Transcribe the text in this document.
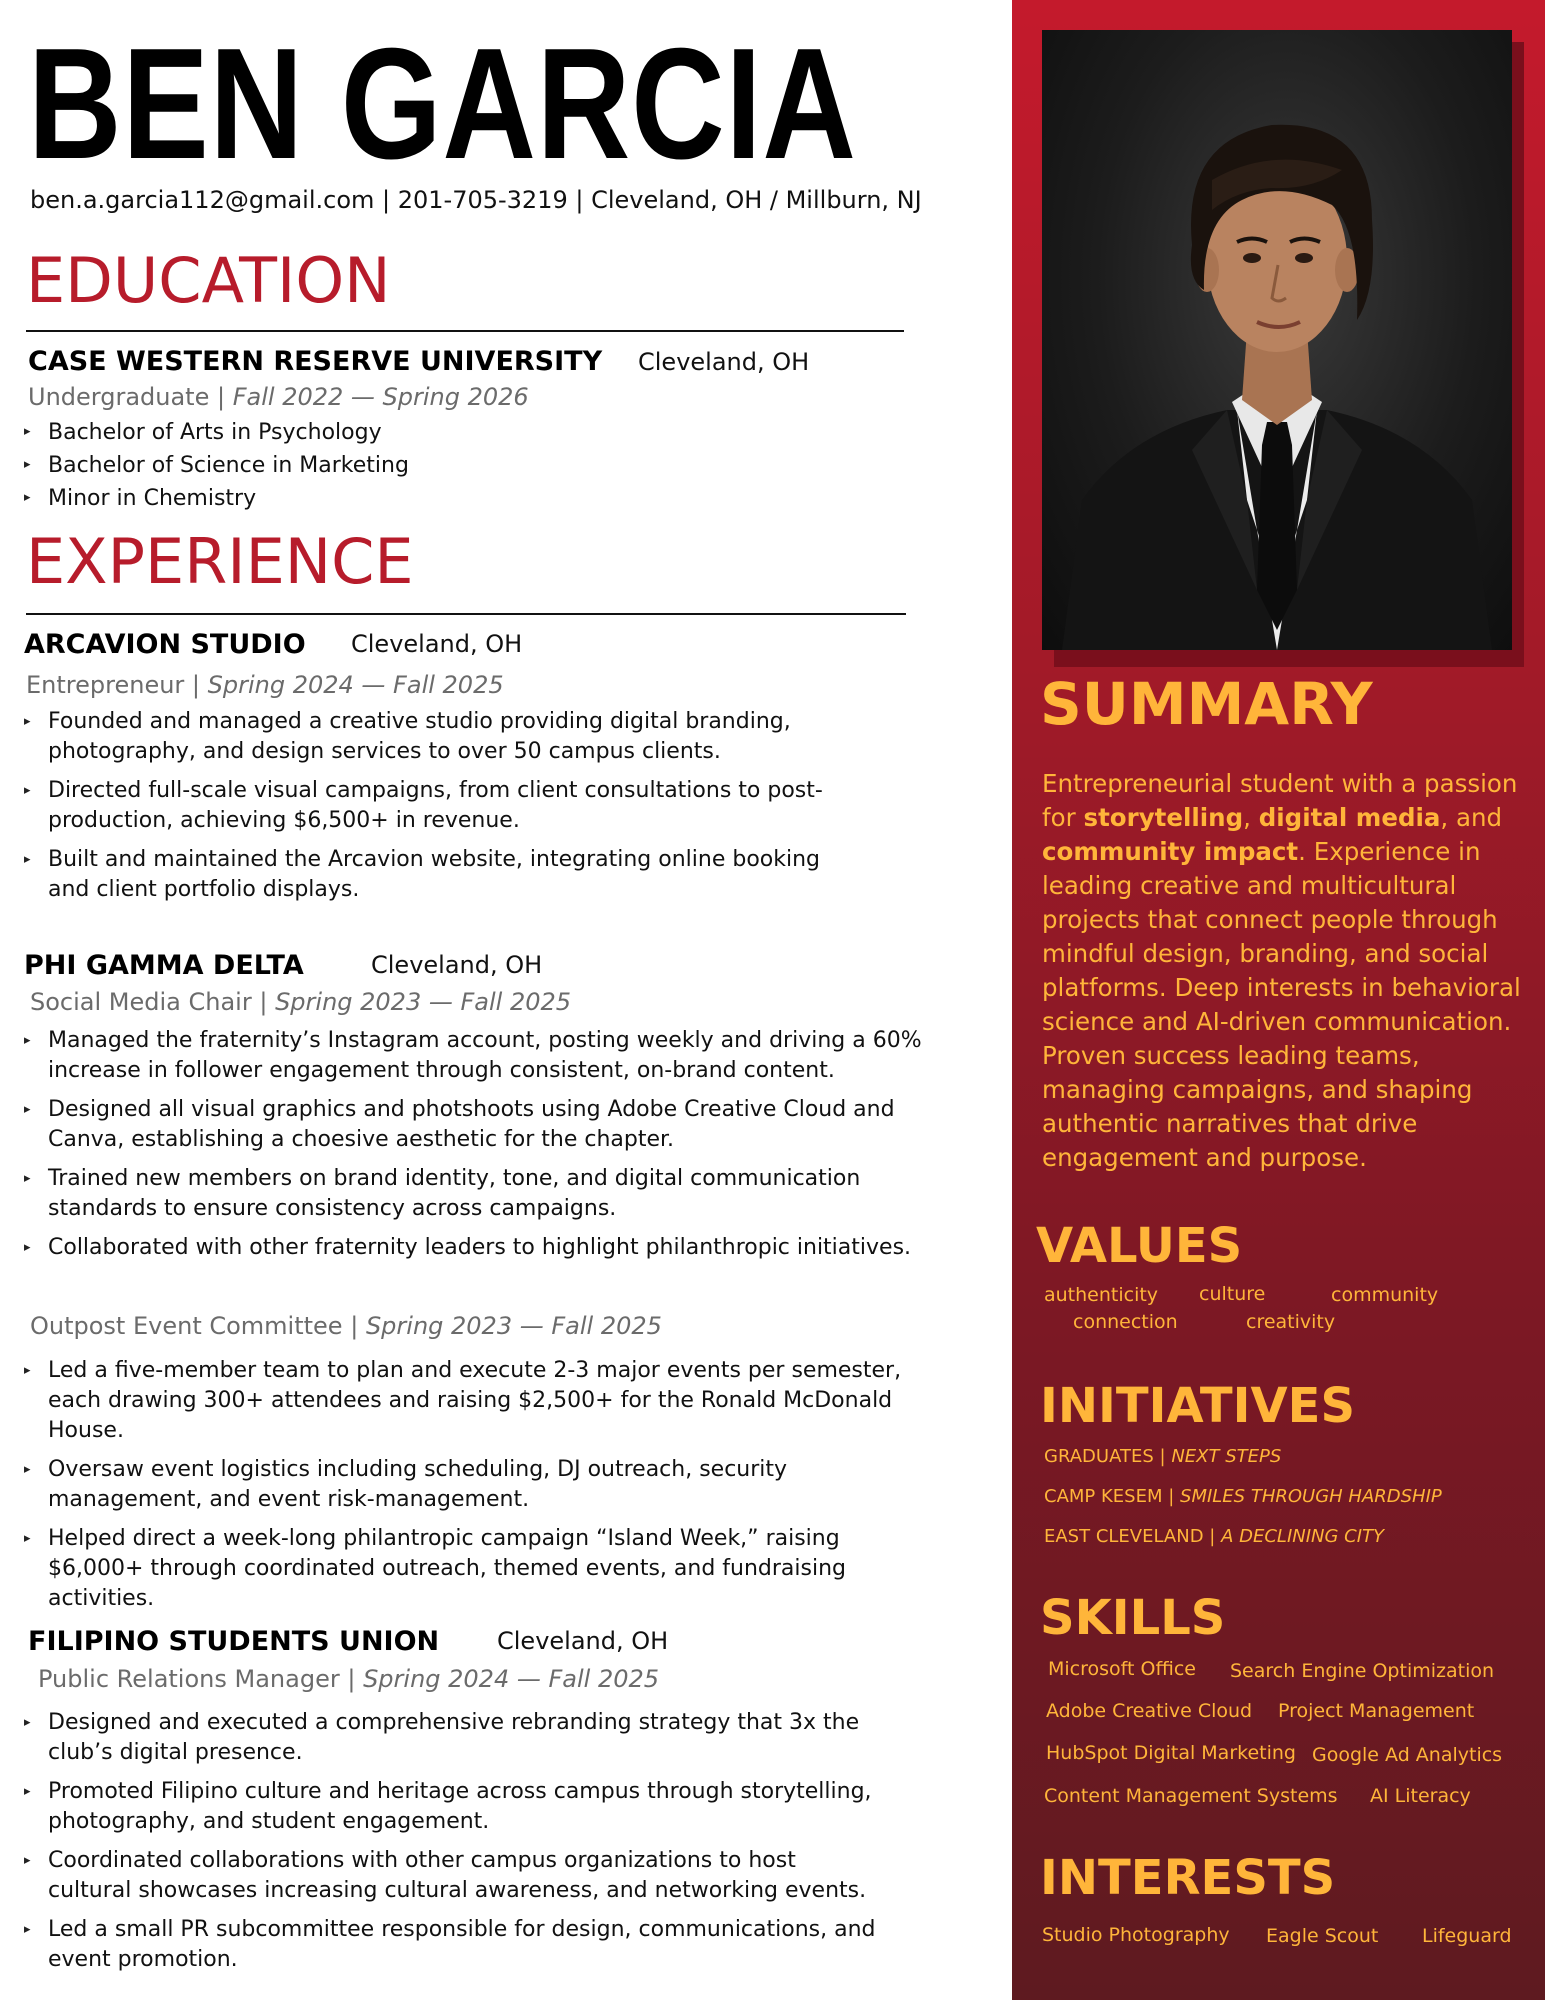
BEN GARCIA
ben.a.garcia112@gmail.com | 201-705-3219 | Cleveland, OH / Millburn, NJ
EDUCATION
CASE WESTERN RESERVE UNIVERSITY Cleveland, OH
Undergraduate | Fall 2022 — Spring 2026
▸ Bachelor of Arts in Psychology
▸ Bachelor of Science in Marketing
▸ Minor in Chemistry
EXPERIENCE
ARCAVION STUDIO Cleveland, OH
Entrepreneur | Spring 2024 — Fall 2025
▸ Founded and managed a creative studio providing digital branding, photography, and design services to over 50 campus clients.
▸ Directed full-scale visual campaigns, from client consultations to post-production, achieving $6,500+ in revenue.
▸ Built and maintained the Arcavion website, integrating online booking and client portfolio displays.
PHI GAMMA DELTA	Cleveland, OH
Social Media Chair | Spring 2023 — Fall 2025
▸ Managed the fraternity’s Instagram account, posting weekly and driving a 60% increase in follower engagement through consistent, on-brand content.
▸ Designed all visual graphics and photshoots using Adobe Creative Cloud and Canva, establishing a choesive aesthetic for the chapter.
▸ Trained new members on brand identity, tone, and digital communication standards to ensure consistency across campaigns.
▸ Collaborated with other fraternity leaders to highlight philanthropic initiatives.
Outpost Event Committee | Spring 2023 — Fall 2025
▸ Led a five-member team to plan and execute 2-3 major events per semester, each drawing 300+ attendees and raising $2,500+ for the Ronald McDonald House.
▸ Oversaw event logistics including scheduling, DJ outreach, security management, and event risk-management.
▸ Helped direct a week-long philantropic campaign “Island Week,” raising $6,000+ through coordinated outreach, themed events, and fundraising activities.
FILIPINO STUDENTS UNION Cleveland, OH
Public Relations Manager | Spring 2024 — Fall 2025
▸ Designed and executed a comprehensive rebranding strategy that 3x the club’s digital presence.
▸ Promoted Filipino culture and heritage across campus through storytelling, photography, and student engagement.
▸ Coordinated collaborations with other campus organizations to host cultural showcases increasing cultural awareness, and networking events.
▸ Led a small PR subcommittee responsible for design, communications, and event promotion.
SUMMARY
Entrepreneurial student with a passion for storytelling, digital media, and community impact. Experience in leading creative and multicultural projects that connect people through mindful design, branding, and social platforms. Deep interests in behavioral science and AI-driven communication. Proven success leading teams, managing campaigns, and shaping authentic narratives that drive engagement and purpose.
VALUES
authenticity culture	community
connection	creativity
INITIATIVES
GRADUATES | NEXT STEPS
CAMP KESEM | SMILES THROUGH HARDSHIP
EAST CLEVELAND | A DECLINING CITY
SKILLS
Microsoft Office Search Engine Optimization
Adobe Creative Cloud Project Management
HubSpot Digital Marketing Google Ad Analytics
Content Management Systems AI Literacy
INTERESTS
Studio Photography Eagle Scout Lifeguard
